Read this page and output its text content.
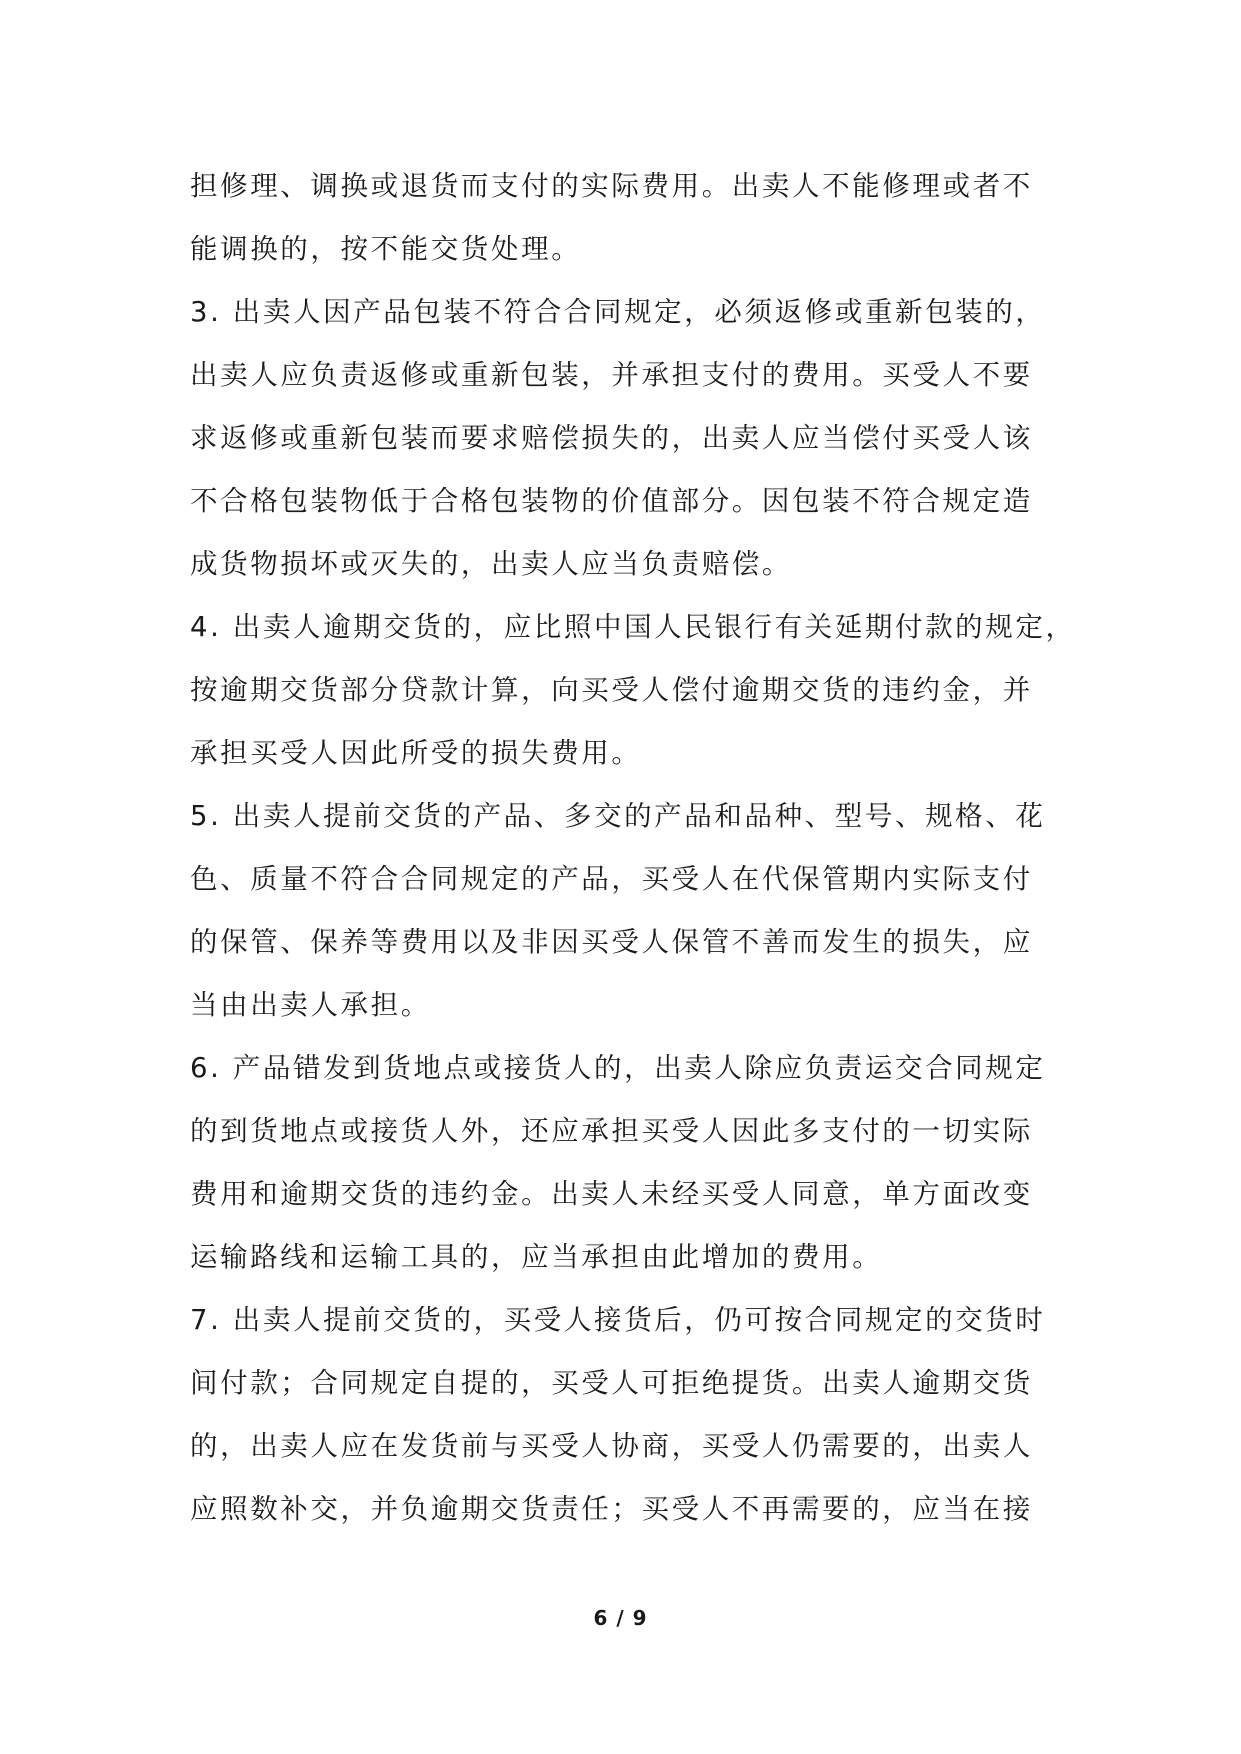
担修理、调换或退货而支付的实际费用。出卖人不能修理或者不
能调换的，按不能交货处理。
3. 出卖人因产品包装不符合合同规定，必须返修或重新包装的，
出卖人应负责返修或重新包装，并承担支付的费用。买受人不要
求返修或重新包装而要求赔偿损失的，出卖人应当偿付买受人该
不合格包装物低于合格包装物的价值部分。因包装不符合规定造
成货物损坏或灭失的，出卖人应当负责赔偿。
4. 出卖人逾期交货的，应比照中国人民银行有关延期付款的规定，
按逾期交货部分贷款计算，向买受人偿付逾期交货的违约金，并
承担买受人因此所受的损失费用。
5. 出卖人提前交货的产品、多交的产品和品种、型号、规格、花
色、质量不符合合同规定的产品，买受人在代保管期内实际支付
的保管、保养等费用以及非因买受人保管不善而发生的损失，应
当由出卖人承担。
6. 产品错发到货地点或接货人的，出卖人除应负责运交合同规定
的到货地点或接货人外，还应承担买受人因此多支付的一切实际
费用和逾期交货的违约金。出卖人未经买受人同意，单方面改变
运输路线和运输工具的，应当承担由此增加的费用。
7. 出卖人提前交货的，买受人接货后，仍可按合同规定的交货时
间付款；合同规定自提的，买受人可拒绝提货。出卖人逾期交货
的，出卖人应在发货前与买受人协商，买受人仍需要的，出卖人
应照数补交，并负逾期交货责任；买受人不再需要的，应当在接
6 / 9
